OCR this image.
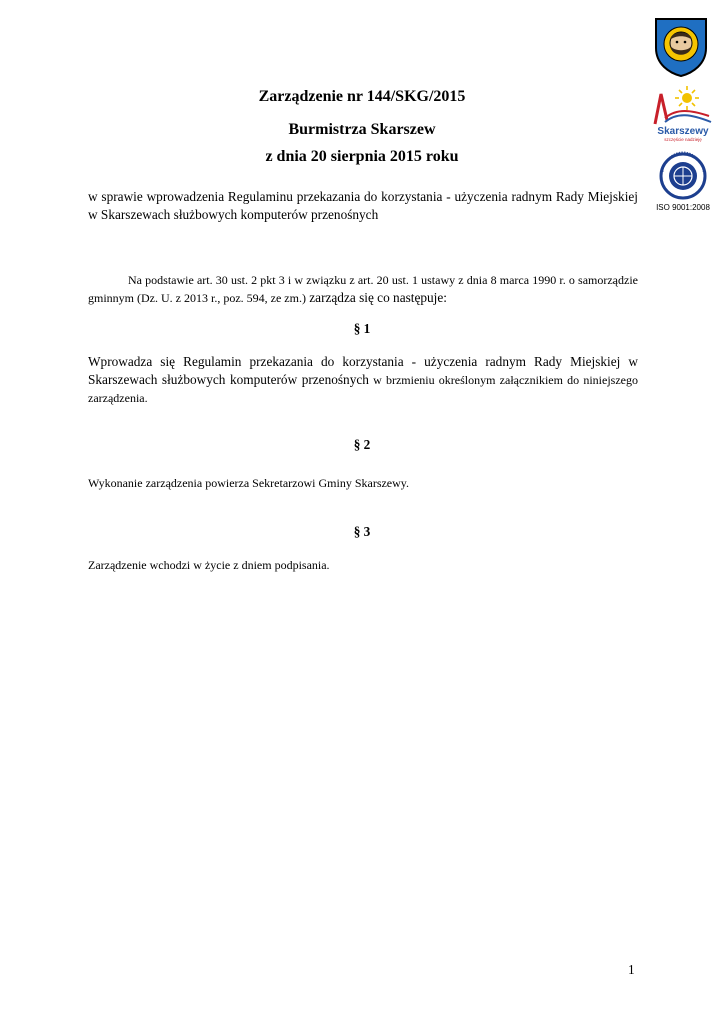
Skarszewy
szczęście nadzieję
ISO 9001:2008
Zarządzenie nr 144/SKG/2015
Burmistrza Skarszew
z dnia 20 sierpnia 2015 roku
w sprawie wprowadzenia Regulaminu przekazania do korzystania - użyczenia radnym Rady Miejskiej w Skarszewach służbowych komputerów przenośnych
Na podstawie art. 30 ust. 2 pkt 3 i w związku z art. 20 ust. 1 ustawy z dnia 8 marca 1990 r. o samorządzie gminnym (Dz. U. z 2013 r., poz. 594, ze zm.) zarządza się co następuje:
§ 1
Wprowadza się Regulamin przekazania do korzystania - użyczenia radnym Rady Miejskiej w Skarszewach służbowych komputerów przenośnych w brzmieniu określonym załącznikiem do niniejszego zarządzenia.
§ 2
Wykonanie zarządzenia powierza Sekretarzowi Gminy Skarszewy.
§ 3
Zarządzenie wchodzi w życie z dniem podpisania.
1
